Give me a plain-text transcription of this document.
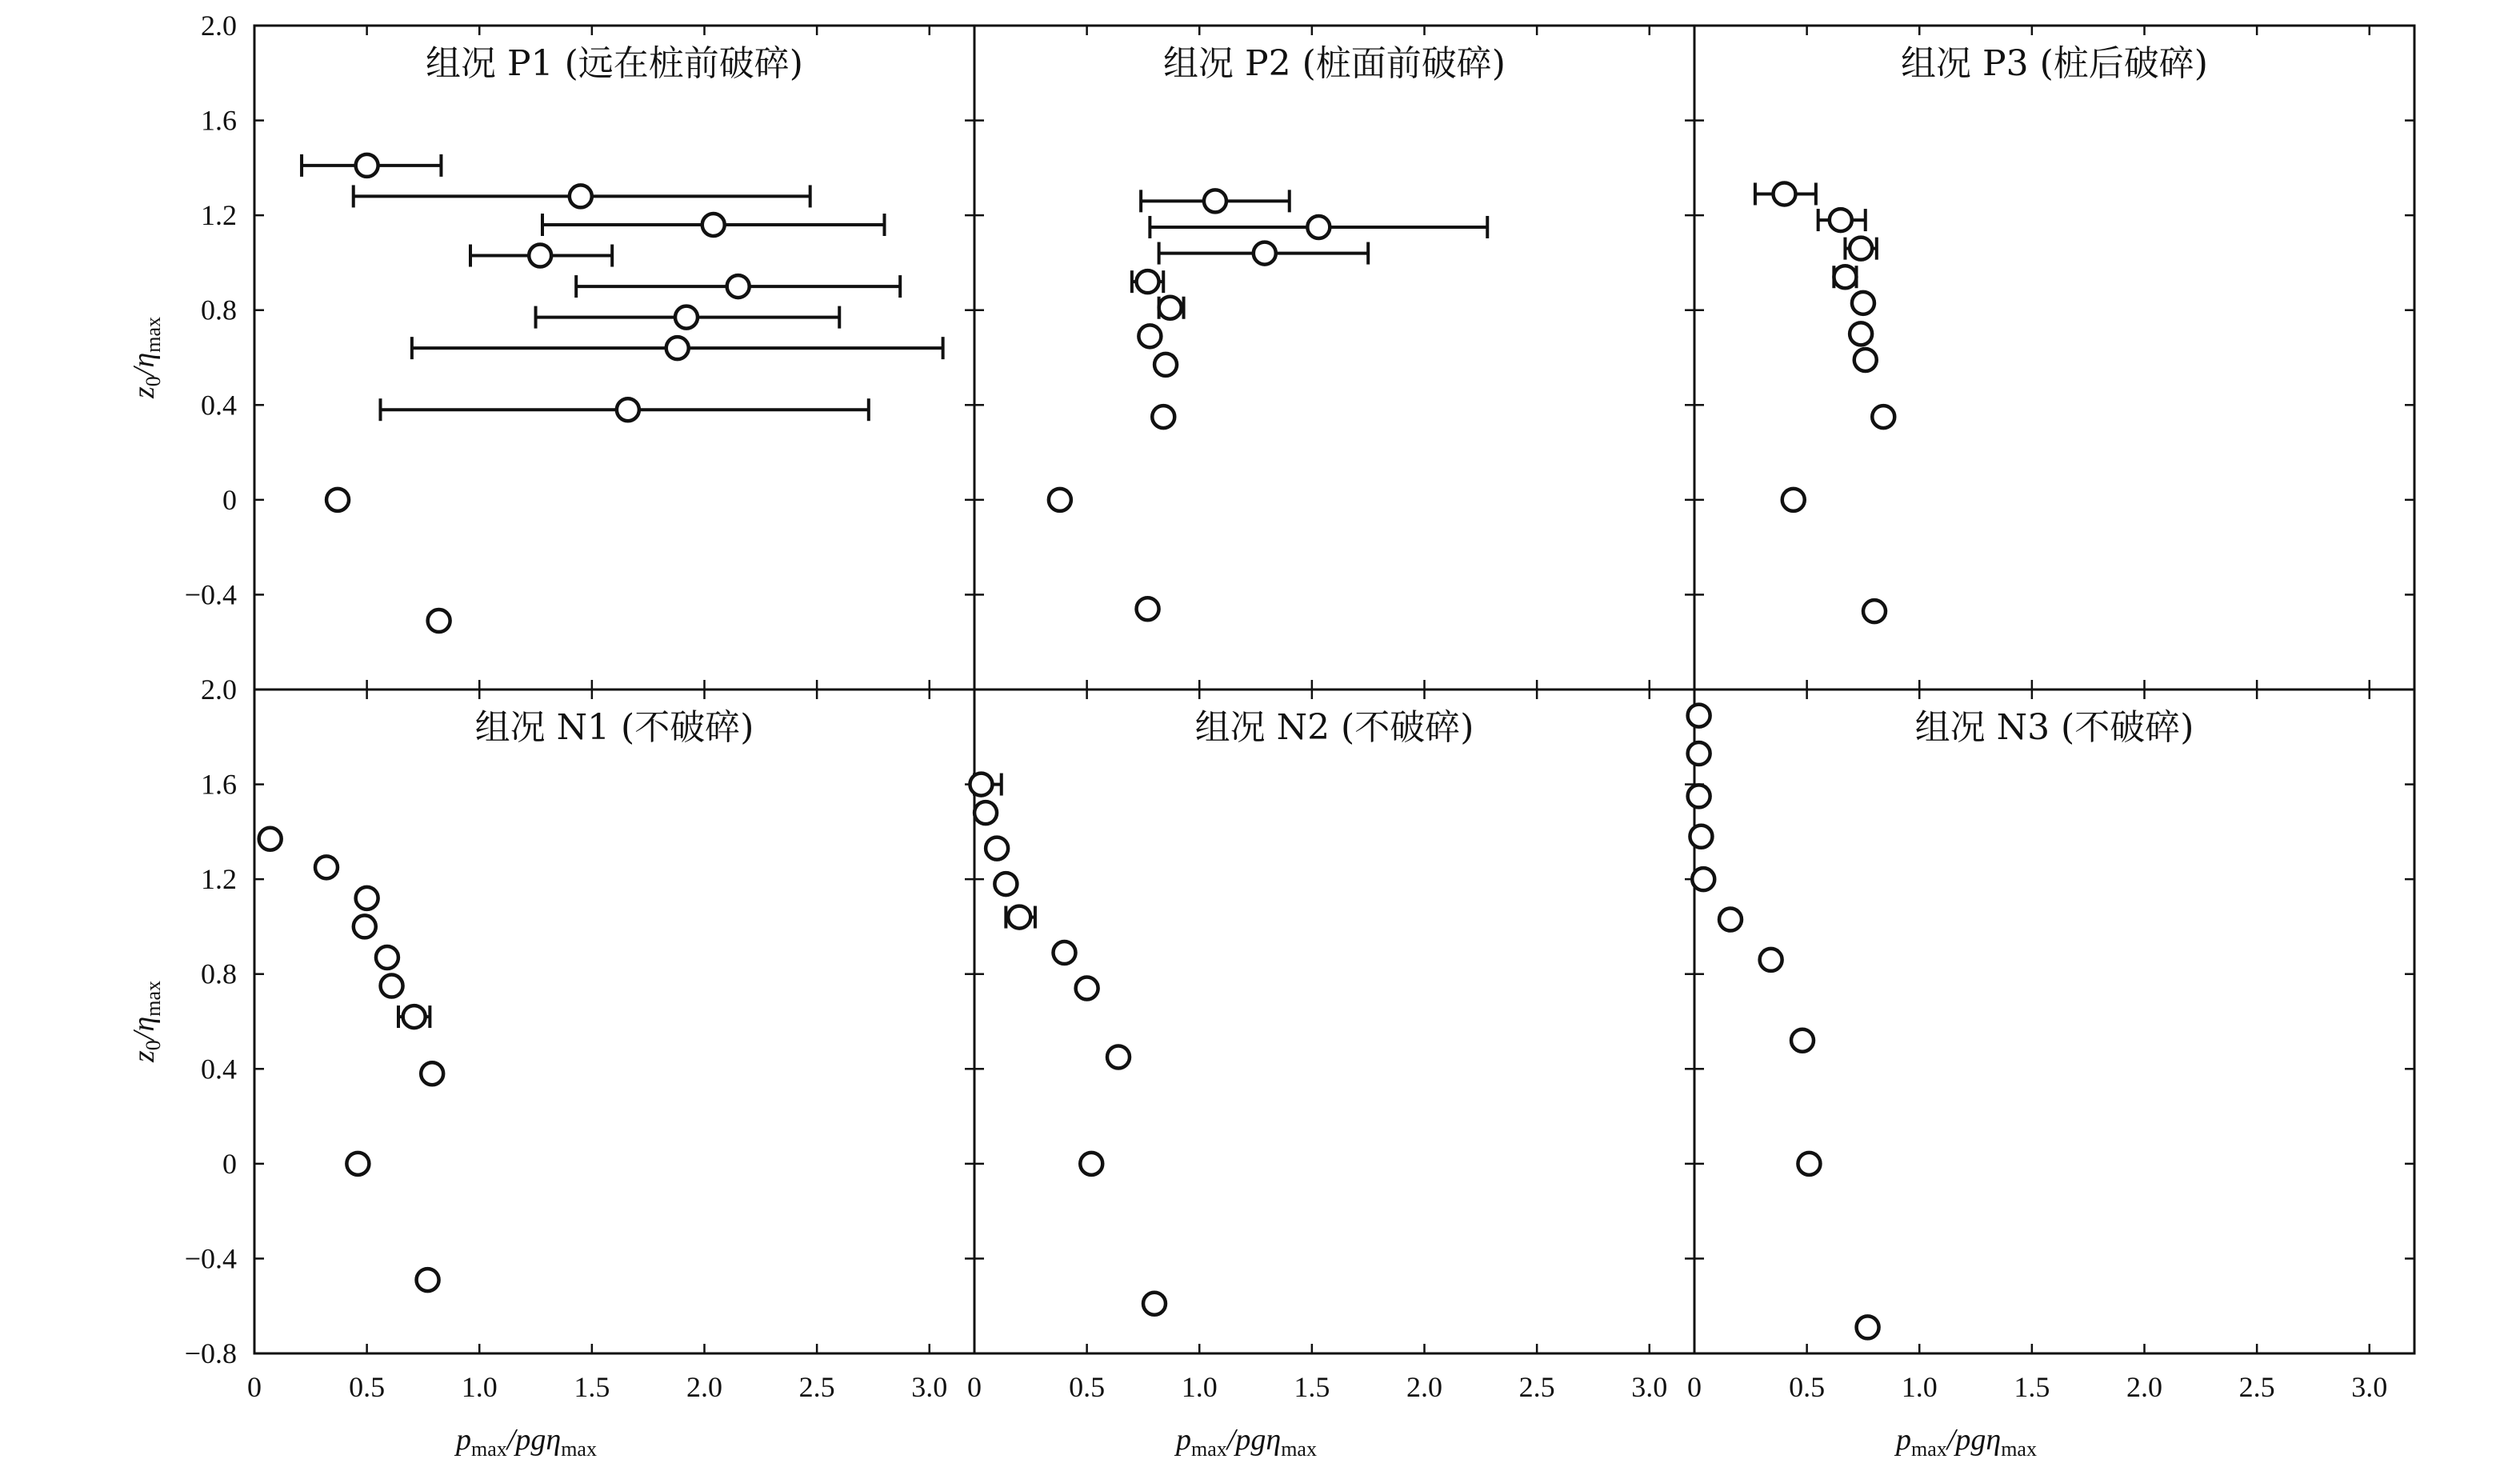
组况 P1 (远在桩前破碎)	组况 P2 (桩面前破碎)	组况 P3 (桩后破碎)
组况 N1 (不破碎)	组况 N2 (不破碎)	组况 N3 (不破碎)
0	0.5	1.0	1.5	2.0	2.5	3.0
$p_{max}/pg\eta_{max}$
0	0.5	1.0	1.5	2.0	2.5	3.0
$p_{max}/pg\eta_{max}$
0	0.5	1.0	1.5	2.0	2.5	3.0
$p_{max}/pg\eta_{max}$
0
0.4
0.8
1.2
1.6
2.0
−0.4
−0.8
−0.4
0
0.4
0.8
1.2
1.6
2.0
$z_0/\eta_{max}$
$z_0/\eta_{max}$
